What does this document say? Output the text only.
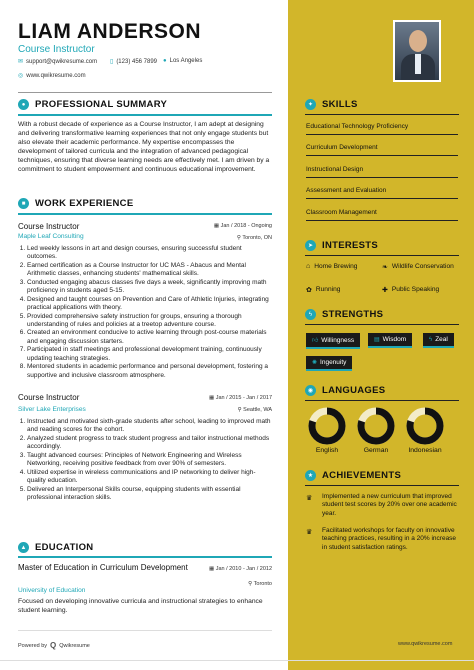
LIAM ANDERSON
Course Instructor
✉ support@qwikresume.com ▯ (123) 456 7899 ● Los Angeles
◎ www.qwikresume.com
●	PROFESSIONAL SUMMARY
With a robust decade of experience as a Course Instructor, I am adept at designing and delivering transformative learning experiences that not only engage students but also elevate their academic performance. My expertise encompasses the development of tailored curricula and the integration of advanced pedagogical techniques, ensuring that diverse learning needs are effectively met. I am driven by a commitment to student empowerment and continuous educational improvement.
■	WORK EXPERIENCE
Course Instructor	▦ Jan / 2018 - Ongoing
Maple Leaf Consulting	⚲ Toronto, ON
1. Led weekly lessons in art and design courses, ensuring successful student outcomes.
2. Earned certification as a Course Instructor for UC MAS - Abacus and Mental Arithmetic classes, enhancing students' mathematical skills.
3. Conducted engaging abacus classes five days a week, significantly improving math proficiency in students aged 5-15.
4. Designed and taught courses on Prevention and Care of Athletic Injuries, integrating practical applications with theory.
5. Provided comprehensive safety instruction for groups, ensuring a thorough understanding of rules and policies at a treetop adventure course.
6. Created an environment conducive to active learning through post-course materials and engaging discussion starters.
7. Participated in staff meetings and professional development training, continuously updating teaching strategies.
8. Mentored students in academic performance and personal development, fostering a supportive and inclusive classroom atmosphere.
Course Instructor	▦ Jan / 2015 - Jan / 2017
Silver Lake Enterprises	⚲ Seattle, WA
1. Instructed and motivated sixth-grade students after school, leading to improved math and reading scores for the cohort.
2. Analyzed student progress to track student progress and tailor instructional methods accordingly.
3. Taught advanced courses: Principles of Network Engineering and Wireless Networking, receiving positive feedback from over 90% of semesters.
4. Utilized expertise in wireless communications and IP networking to deliver high-quality education.
5. Delivered an Interpersonal Skills course, equipping students with essential professional interaction skills.
▲ EDUCATION
Master of Education in Curriculum Development	▦ Jan / 2010 - Jan / 2012
University of Education
⚲ Toronto
Focused on developing innovative curricula and instructional strategies to enhance student learning.
Powered by Q Qwikresume	www.qwikresume.com
✦ SKILLS
Educational Technology Proficiency
Curriculum Development
Instructional Design
Assessment and Evaluation
Classroom Management
➤ INTERESTS
⌂ Home Brewing	❧ Wildlife Conservation
✿ Running	✚ Public Speaking
ϟ	STRENGTHS
👍︎ Willingness	▤ Wisdom	ϟ Zeal
✺ Ingenuity
◉ LANGUAGES
English	German	Indonesian
★ ACHIEVEMENTS
♛ Implemented a new curriculum that improved student test scores by 20% over one academic year.
♛ Facilitated workshops for faculty on innovative teaching practices, resulting in a 20% increase in student satisfaction ratings.
